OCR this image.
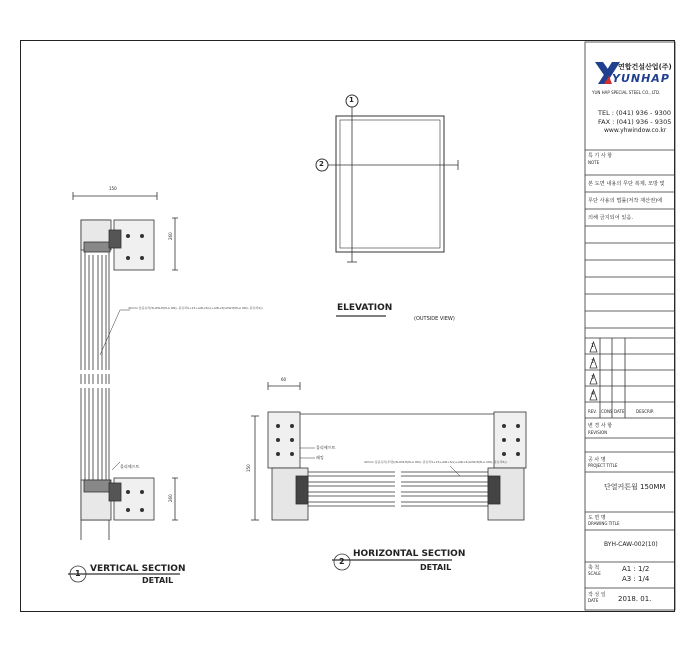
연합건설산업(주)
YUNHAP
YUN HAP SPECIAL STEEL CO., LTD.
TEL : (041) 936 - 9300
FAX : (041) 936 - 9305
www.yhwindow.co.kr
특 기 사 항
NOTE
본 도면 내용의 무단 복제, 모방 및
무단 사용의 법률(저작 재산권)에
의해 금지되어 있음.
1
2
3
4
REV. CONS DATE	DESCRIP.
변 경 사 항
REVISION
공 사 명
PROJECT TITLE
단열커튼월 150MM
도 면 명
DRAWING TITLE
BYH-CAW-002(10)
축 척
SCALE
A1 : 1/2
A3 : 1/4
작 성 일
DATE	2018. 01.
1
2
ELEVATION
(OUTSIDE VIEW)
150
260
260
40mm 삼중유리(5LOW-E(PLA ON), 판유리5+15+AIR+5(L)+AIR+5(LOW-E(PLA ON), 판유리5))
몰리에프트
1 VERTICAL SECTION
DETAIL
60
150
몰리에프트
패킹
40mm 삼중유리(투명)(5LOW-E(PLA ON), 판유리5+15+AIR+5(L)+AIR+5(LOW-E(PLA ON), 판유리5))
2
HORIZONTAL SECTION
DETAIL
